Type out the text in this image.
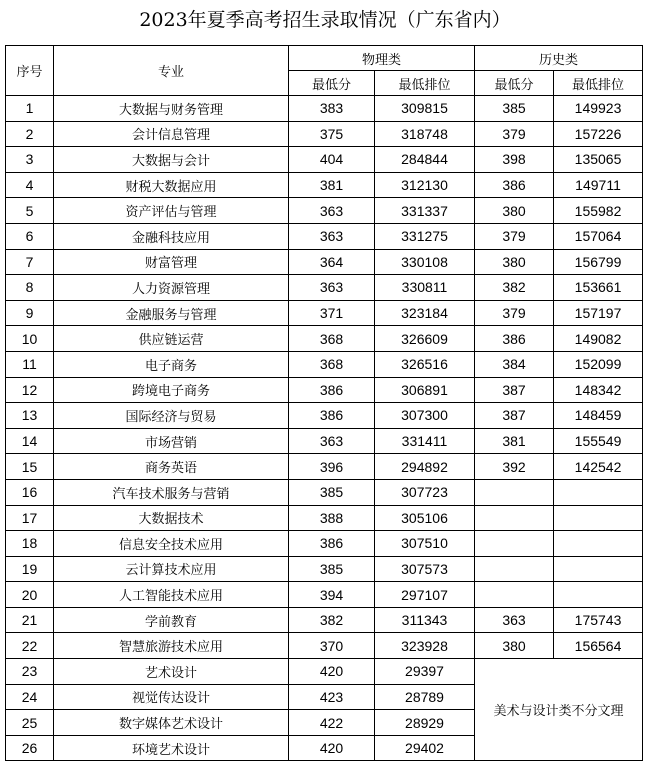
2023年夏季高考招生录取情况（广东省内）
序号	专业	物理类		历史类	
		最低分	最低排位	最低分	最低排位
1	大数据与财务管理	383	309815	385	149923
2	会计信息管理	375	318748	379	157226
3	大数据与会计	404	284844	398	135065
4	财税大数据应用	381	312130	386	149711
5	资产评估与管理	363	331337	380	155982
6	金融科技应用	363	331275	379	157064
7	财富管理	364	330108	380	156799
8	人力资源管理	363	330811	382	153661
9	金融服务与管理	371	323184	379	157197
10	供应链运营	368	326609	386	149082
11	电子商务	368	326516	384	152099
12	跨境电子商务	386	306891	387	148342
13	国际经济与贸易	386	307300	387	148459
14	市场营销	363	331411	381	155549
15	商务英语	396	294892	392	142542
16	汽车技术服务与营销	385	307723		
17	大数据技术	388	305106		
18	信息安全技术应用	386	307510		
19	云计算技术应用	385	307573		
20	人工智能技术应用	394	297107		
21	学前教育	382	311343	363	175743
22	智慧旅游技术应用	370	323928	380	156564
23	艺术设计	420	29397	美术与设计类不分文理	
24	视觉传达设计	423	28789		
25	数字媒体艺术设计	422	28929		
26	环境艺术设计	420	29402		
